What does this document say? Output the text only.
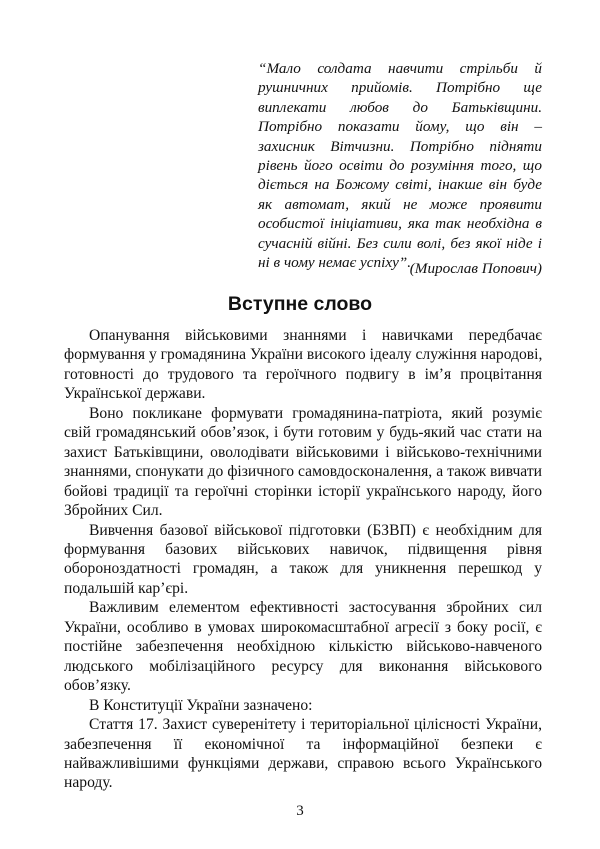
“Мало солдата навчити стрільби й
рушничних прийомів. Потрібно ще
виплекати любов до Батьківщини.
Потрібно показати йому, що він –
захисник Вітчизни. Потрібно підняти
рівень його освіти до розуміння того, що
діється на Божому світі, інакше він буде
як автомат, який не може проявити
особистої ініціативи, яка так необхідна в
сучасній війні. Без сили волі, без якої ніде і
ні в чому немає успіху”.
(Мирослав Попович)
Вступне слово

Опанування військовими знаннями і навичками передбачає
формування у громадянина України високого ідеалу служіння народові,
готовності до трудового та героїчного подвигу в ім’я процвітання
Української держави.

Воно покликане формувати громадянина-патріота, який розуміє
свій громадянський обов’язок, і бути готовим у будь-який час стати на
захист Батьківщини, оволодівати військовими і військово-технічними
знаннями, спонукати до фізичного самовдосконалення, а також вивчати
бойові традиції та героїчні сторінки історії українського народу, його
Збройних Сил.

Вивчення базової військової підготовки (БЗВП) є необхідним для
формування базових військових навичок, підвищення рівня
обороноздатності громадян, а також для уникнення перешкод у
подальшій кар’єрі.

Важливим елементом ефективності застосування збройних сил
України, особливо в умовах широкомасштабної агресії з боку росії, є
постійне забезпечення необхідною кількістю військово-навченого
людського мобілізаційного ресурсу для виконання військового
обов’язку.

В Конституції України зазначено:

Стаття 17. Захист суверенітету і територіальної цілісності України,
забезпечення її економічної та інформаційної безпеки є
найважливішими функціями держави, справою всього Українського
народу.

3
